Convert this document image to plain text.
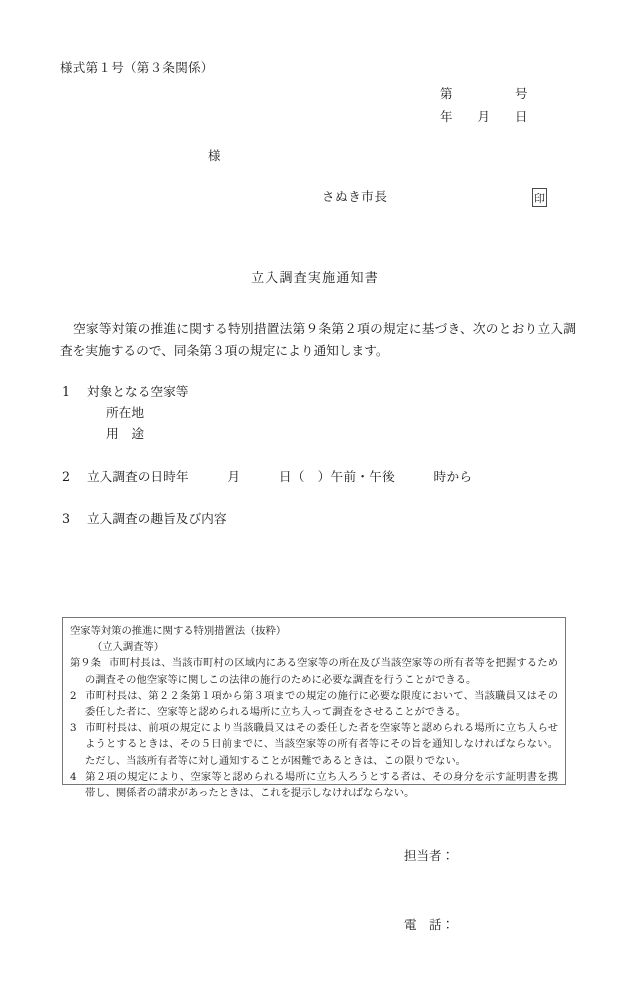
様式第１号（第３条関係）
第　　　　　号
年　　月　　日
様
さぬき市長	印
立入調査実施通知書
空家等対策の推進に関する特別措置法第９条第２項の規定に基づき、次のとおり立入調査を実施するので、同条第３項の規定により通知します。
1 対象となる空家等
所在地
用　途
2 立入調査の日時年　　　月　　　日（　）午前・午後　　　時から
3 立入調査の趣旨及び内容
空家等対策の推進に関する特別措置法（抜粋）
（立入調査等）
第９条 市町村長は、当該市町村の区域内にある空家等の所在及び当該空家等の所有者等を把握するための調査その他空家等に関しこの法律の施行のために必要な調査を行うことができる。
2 市町村長は、第２２条第１項から第３項までの規定の施行に必要な限度において、当該職員又はその委任した者に、空家等と認められる場所に立ち入って調査をさせることができる。
3 市町村長は、前項の規定により当該職員又はその委任した者を空家等と認められる場所に立ち入らせようとするときは、その５日前までに、当該空家等の所有者等にその旨を通知しなければならない。ただし、当該所有者等に対し通知することが困難であるときは、この限りでない。
4 第２項の規定により、空家等と認められる場所に立ち入ろうとする者は、その身分を示す証明書を携帯し、関係者の請求があったときは、これを提示しなければならない。

担当者：

電　話：
